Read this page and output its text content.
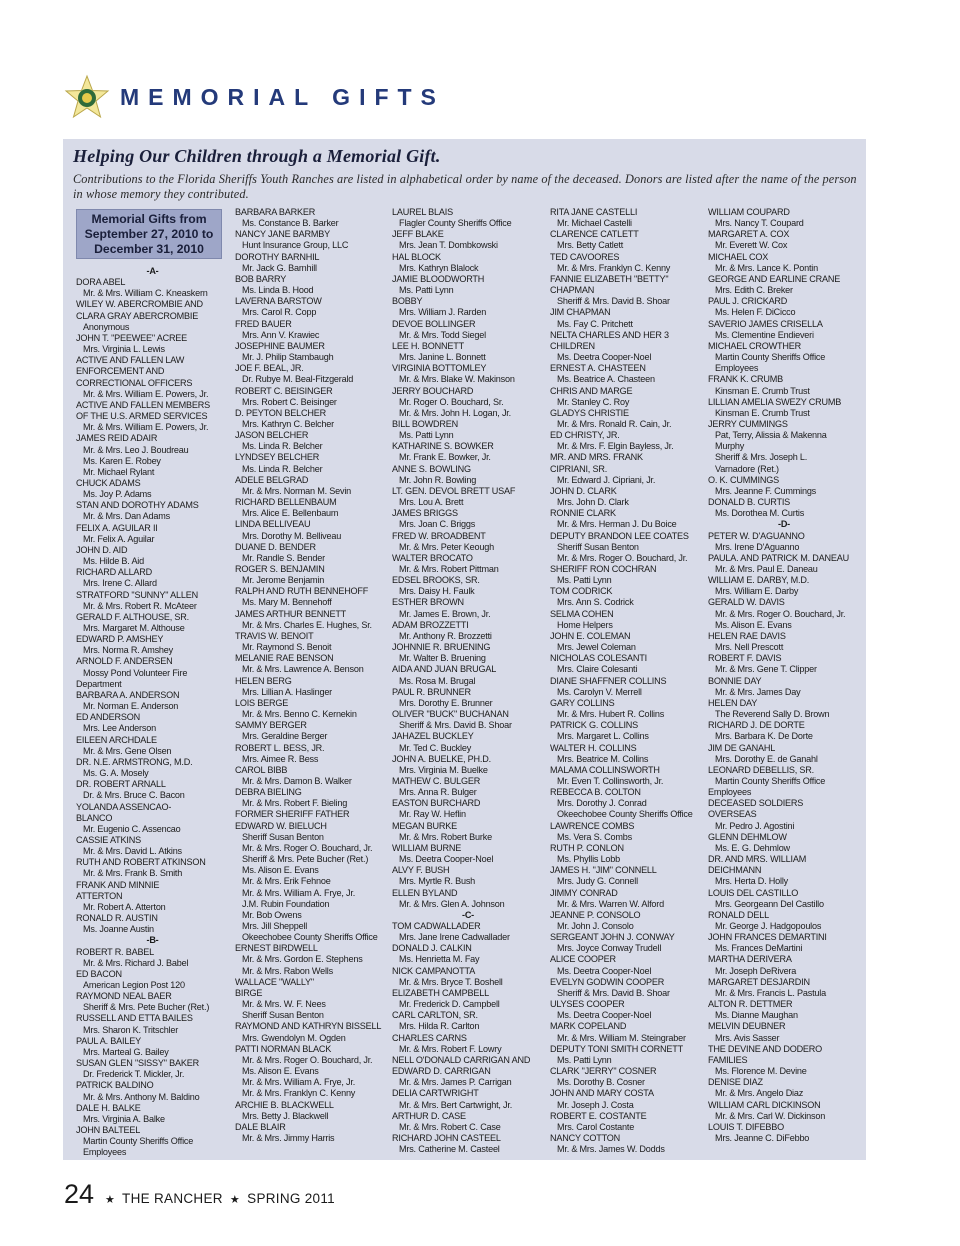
MEMORIAL GIFTS
Helping Our Children through a Memorial Gift.
Contributions to the Florida Sheriffs Youth Ranches are listed in alphabetical order by name of the deceased. Donors are listed after the name of the person in whose memory they contributed.
Memorial Gifts from
September 27, 2010 to
December 31, 2010
-A-
DORA ABEL
Mr. & Mrs. William C. Kneaskern
WILEY W. ABERCROMBIE AND
CLARA GRAY ABERCROMBIE
Anonymous
JOHN T. "PEEWEE" ACREE
Mrs. Virginia L. Lewis
ACTIVE AND FALLEN LAW
ENFORCEMENT AND
CORRECTIONAL OFFICERS
Mr. & Mrs. William E. Powers, Jr.
ACTIVE AND FALLEN MEMBERS
OF THE U.S. ARMED SERVICES
Mr. & Mrs. William E. Powers, Jr.
JAMES REID ADAIR
Mr. & Mrs. Leo J. Boudreau
Ms. Karen E. Robey
Mr. Michael Rylant
CHUCK ADAMS
Ms. Joy P. Adams
STAN AND DOROTHY ADAMS
Mr. & Mrs. Dan Adams
FELIX A. AGUILAR II
Mr. Felix A. Aguilar
JOHN D. AID
Ms. Hilde B. Aid
RICHARD ALLARD
Mrs. Irene C. Allard
STRATFORD "SUNNY" ALLEN
Mr. & Mrs. Robert R. McAteer
GERALD F. ALTHOUSE, SR.
Mrs. Margaret M. Althouse
EDWARD P. AMSHEY
Mrs. Norma R. Amshey
ARNOLD F. ANDERSEN
Mossy Pond Volunteer Fire
Department
BARBARA A. ANDERSON
Mr. Norman E. Anderson
ED ANDERSON
Mrs. Lee Anderson
EILEEN ARCHDALE
Mr. & Mrs. Gene Olsen
DR. N.E. ARMSTRONG, M.D.
Ms. G. A. Mosely
DR. ROBERT ARNALL
Dr. & Mrs. Bruce C. Bacon
YOLANDA ASSENCAO-
BLANCO
Mr. Eugenio C. Assencao
CASSIE ATKINS
Mr. & Mrs. David L. Atkins
RUTH AND ROBERT ATKINSON
Mr. & Mrs. Frank B. Smith
FRANK AND MINNIE
ATTERTON
Mr. Robert A. Atterton
RONALD R. AUSTIN
Ms. Joanne Austin
-B-
ROBERT R. BABEL
Mr. & Mrs. Richard J. Babel
ED BACON
American Legion Post 120
RAYMOND NEAL BAER
Sheriff & Mrs. Pete Bucher (Ret.)
RUSSELL AND ETTA BAILES
Mrs. Sharon K. Tritschler
PAUL A. BAILEY
Mrs. Marteal G. Bailey
SUSAN GLEN "SISSY" BAKER
Dr. Frederick T. Mickler, Jr.
PATRICK BALDINO
Mr. & Mrs. Anthony M. Baldino
DALE H. BALKE
Mrs. Virginia A. Balke
JOHN BALTEEL
Martin County Sheriffs Office
Employees
BARBARA BARKER
Ms. Constance B. Barker
NANCY JANE BARMBY
Hunt Insurance Group, LLC
DOROTHY BARNHIL
Mr. Jack G. Barnhill
BOB BARRY
Ms. Linda B. Hood
LAVERNA BARSTOW
Mrs. Carol R. Copp
FRED BAUER
Mrs. Ann V. Krawiec
JOSEPHINE BAUMER
Mr. J. Philip Stambaugh
JOE F. BEAL, JR.
Dr. Rubye M. Beal-Fitzgerald
ROBERT C. BEISINGER
Mrs. Robert C. Beisinger
D. PEYTON BELCHER
Mrs. Kathryn C. Belcher
JASON BELCHER
Ms. Linda R. Belcher
LYNDSEY BELCHER
Ms. Linda R. Belcher
ADELE BELGRAD
Mr. & Mrs. Norman M. Sevin
RICHARD BELLENBAUM
Mrs. Alice E. Bellenbaum
LINDA BELLIVEAU
Mrs. Dorothy M. Belliveau
DUANE D. BENDER
Mr. Randle S. Bender
ROGER S. BENJAMIN
Mr. Jerome Benjamin
RALPH AND RUTH BENNEHOFF
Ms. Mary M. Bennehoff
JAMES ARTHUR BENNETT
Mr. & Mrs. Charles E. Hughes, Sr.
TRAVIS W. BENOIT
Mr. Raymond S. Benoit
MELANIE RAE BENSON
Mr. & Mrs. Lawrence A. Benson
HELEN BERG
Mrs. Lillian A. Haslinger
LOIS BERGE
Mr. & Mrs. Benno C. Kernekin
SAMMY BERGER
Mrs. Geraldine Berger
ROBERT L. BESS, JR.
Mrs. Aimee R. Bess
CAROL BIBB
Mr. & Mrs. Damon B. Walker
DEBRA BIELING
Mr. & Mrs. Robert F. Bieling
FORMER SHERIFF FATHER
EDWARD W. BIELUCH
Sheriff Susan Benton
Mr. & Mrs. Roger O. Bouchard, Jr.
Sheriff & Mrs. Pete Bucher (Ret.)
Ms. Alison E. Evans
Mr. & Mrs. Erik Fehnoe
Mr. & Mrs. William A. Frye, Jr.
J.M. Rubin Foundation
Mr. Bob Owens
Mrs. Jill Sheppell
Okeechobee County Sheriffs Office
ERNEST BIRDWELL
Mr. & Mrs. Gordon E. Stephens
Mr. & Mrs. Rabon Wells
WALLACE "WALLY"
BIRGE
Mr. & Mrs. W. F. Nees
Sheriff Susan Benton
RAYMOND AND KATHRYN BISSELL
Mrs. Gwendolyn M. Ogden
PATTI NORMAN BLACK
Mr. & Mrs. Roger O. Bouchard, Jr.
Ms. Alison E. Evans
Mr. & Mrs. William A. Frye, Jr.
Mr. & Mrs. Franklyn C. Kenny
ARCHIE B. BLACKWELL
Mrs. Betty J. Blackwell
DALE BLAIR
Mr. & Mrs. Jimmy Harris
LAUREL BLAIS
Flagler County Sheriffs Office
JEFF BLAKE
Mrs. Jean T. Dombkowski
HAL BLOCK
Mrs. Kathryn Blalock
JAMIE BLOODWORTH
Ms. Patti Lynn
BOBBY
Mrs. William J. Rarden
DEVOE BOLLINGER
Mr. & Mrs. Todd Siegel
LEE H. BONNETT
Mrs. Janine L. Bonnett
VIRGINIA BOTTOMLEY
Mr. & Mrs. Blake W. Makinson
JERRY BOUCHARD
Mr. Roger O. Bouchard, Sr.
Mr. & Mrs. John H. Logan, Jr.
BILL BOWDREN
Ms. Patti Lynn
KATHARINE S. BOWKER
Mr. Frank E. Bowker, Jr.
ANNE S. BOWLING
Mr. John R. Bowling
LT. GEN. DEVOL BRETT USAF
Mrs. Lou A. Brett
JAMES BRIGGS
Mrs. Joan C. Briggs
FRED W. BROADBENT
Mr. & Mrs. Peter Keough
WALTER BROCATO
Mr. & Mrs. Robert Pittman
EDSEL BROOKS, SR.
Mrs. Daisy H. Faulk
ESTHER BROWN
Mr. James E. Brown, Jr.
ADAM BROZZETTI
Mr. Anthony R. Brozzetti
JOHNNIE R. BRUENING
Mr. Walter B. Bruening
AIDA AND JUAN BRUGAL
Ms. Rosa M. Brugal
PAUL R. BRUNNER
Mrs. Dorothy E. Brunner
OLIVER "BUCK" BUCHANAN
Sheriff & Mrs. David B. Shoar
JAHAZEL BUCKLEY
Mr. Ted C. Buckley
JOHN A. BUELKE, PH.D.
Mrs. Virginia M. Buelke
MATHEW C. BULGER
Mrs. Anna R. Bulger
EASTON BURCHARD
Mr. Ray W. Heflin
MEGAN BURKE
Mr. & Mrs. Robert Burke
WILLIAM BURNE
Ms. Deetra Cooper-Noel
ALVY F. BUSH
Mrs. Myrtle R. Bush
ELLEN BYLAND
Mr. & Mrs. Glen A. Johnson
-C-
TOM CADWALLADER
Mrs. Jane Irene Cadwallader
DONALD J. CALKIN
Ms. Henrietta M. Fay
NICK CAMPANOTTA
Mr. & Mrs. Bryce T. Boshell
ELIZABETH CAMPBELL
Mr. Frederick D. Campbell
CARL CARLTON, SR.
Mrs. Hilda R. Carlton
CHARLES CARNS
Mr. & Mrs. Robert F. Lowry
NELL O'DONALD CARRIGAN AND
EDWARD D. CARRIGAN
Mr. & Mrs. James P. Carrigan
DELIA CARTWRIGHT
Mr. & Mrs. Bert Cartwright, Jr.
ARTHUR D. CASE
Mr. & Mrs. Robert C. Case
RICHARD JOHN CASTEEL
Mrs. Catherine M. Casteel
RITA JANE CASTELLI
Mr. Michael Castelli
CLARENCE CATLETT
Mrs. Betty Catlett
TED CAVOORES
Mr. & Mrs. Franklyn C. Kenny
FANNIE ELIZABETH "BETTY"
CHAPMAN
Sheriff & Mrs. David B. Shoar
JIM CHAPMAN
Ms. Fay C. Pritchett
NELTA CHARLES AND HER 3
CHILDREN
Ms. Deetra Cooper-Noel
ERNEST A. CHASTEEN
Ms. Beatrice A. Chasteen
CHRIS AND MARGE
Mr. Stanley C. Roy
GLADYS CHRISTIE
Mr. & Mrs. Ronald R. Cain, Jr.
ED CHRISTY, JR.
Mr. & Mrs. F. Elgin Bayless, Jr.
MR. AND MRS. FRANK
CIPRIANI, SR.
Mr. Edward J. Cipriani, Jr.
JOHN D. CLARK
Mrs. John D. Clark
RONNIE CLARK
Mr. & Mrs. Herman J. Du Boice
DEPUTY BRANDON LEE COATES
Sheriff Susan Benton
Mr. & Mrs. Roger O. Bouchard, Jr.
SHERIFF RON COCHRAN
Ms. Patti Lynn
TOM CODRICK
Mrs. Ann S. Codrick
SELMA COHEN
Home Helpers
JOHN E. COLEMAN
Mrs. Jewel Coleman
NICHOLAS COLESANTI
Mrs. Claire Colesanti
DIANE SHAFFNER COLLINS
Ms. Carolyn V. Merrell
GARY COLLINS
Mr. & Mrs. Hubert R. Collins
PATRICK G. COLLINS
Mrs. Margaret L. Collins
WALTER H. COLLINS
Mrs. Beatrice M. Collins
MALAMA COLLINSWORTH
Mr. Even T. Collinsworth, Jr.
REBECCA B. COLTON
Mrs. Dorothy J. Conrad
Okeechobee County Sheriffs Office
LAWRENCE COMBS
Ms. Vera S. Combs
RUTH P. CONLON
Ms. Phyllis Lobb
JAMES H. "JIM" CONNELL
Mrs. Judy G. Connell
JIMMY CONRAD
Mr. & Mrs. Warren W. Alford
JEANNE P. CONSOLO
Mr. John J. Consolo
SERGEANT JOHN J. CONWAY
Mrs. Joyce Conway Trudell
ALICE COOPER
Ms. Deetra Cooper-Noel
EVELYN GODWIN COOPER
Sheriff & Mrs. David B. Shoar
ULYSES COOPER
Ms. Deetra Cooper-Noel
MARK COPELAND
Mr. & Mrs. William M. Steingraber
DEPUTY TONI SMITH CORNETT
Ms. Patti Lynn
CLARK "JERRY" COSNER
Ms. Dorothy B. Cosner
JOHN AND MARY COSTA
Mr. Joseph J. Costa
ROBERT E. COSTANTE
Mrs. Carol Costante
NANCY COTTON
Mr. & Mrs. James W. Dodds
WILLIAM COUPARD
Mrs. Nancy T. Coupard
MARGARET A. COX
Mr. Everett W. Cox
MICHAEL COX
Mr. & Mrs. Lance K. Pontin
GEORGE AND EARLINE CRANE
Mrs. Edith C. Breker
PAUL J. CRICKARD
Ms. Helen F. DiCicco
SAVERIO JAMES CRISELLA
Ms. Clementine Endieveri
MICHAEL CROWTHER
Martin County Sheriffs Office
Employees
FRANK K. CRUMB
Kinsman E. Crumb Trust
LILLIAN AMELIA SWEZY CRUMB
Kinsman E. Crumb Trust
JERRY CUMMINGS
Pat, Terry, Alissia & Makenna
Murphy
Sheriff & Mrs. Joseph L.
Varnadore (Ret.)
O. K. CUMMINGS
Mrs. Jeanne F. Cummings
DONALD B. CURTIS
Ms. Dorothea M. Curtis
-D-
PETER W. D'AGUANNO
Mrs. Irene D'Aguanno
PAULA. AND PATRICK M. DANEAU
Mr. & Mrs. Paul E. Daneau
WILLIAM E. DARBY, M.D.
Mrs. William E. Darby
GERALD W. DAVIS
Mr. & Mrs. Roger O. Bouchard, Jr.
Ms. Alison E. Evans
HELEN RAE DAVIS
Mrs. Nell Prescott
ROBERT F. DAVIS
Mr. & Mrs. Gene T. Clipper
BONNIE DAY
Mr. & Mrs. James Day
HELEN DAY
The Reverend Sally D. Brown
RICHARD J. DE DORTE
Mrs. Barbara K. De Dorte
JIM DE GANAHL
Mrs. Dorothy E. de Ganahl
LEONARD DEBELLIS, SR.
Martin County Sheriffs Office
Employees
DECEASED SOLDIERS
OVERSEAS
Mr. Pedro J. Agostini
GLENN DEHMLOW
Ms. E. G. Dehmlow
DR. AND MRS. WILLIAM
DEICHMANN
Mrs. Herta D. Holly
LOUIS DEL CASTILLO
Mrs. Georgeann Del Castillo
RONALD DELL
Mr. George J. Hadgopoulos
JOHN FRANCES DEMARTINI
Ms. Frances DeMartini
MARTHA DERIVERA
Mr. Joseph DeRivera
MARGARET DESJARDIN
Mr. & Mrs. Francis L. Pastula
ALTON R. DETTMER
Ms. Dianne Maughan
MELVIN DEUBNER
Mrs. Avis Sasser
THE DEVINE AND DODERO
FAMILIES
Ms. Florence M. Devine
DENISE DIAZ
Mr. & Mrs. Angelo Diaz
WILLIAM CARL DICKINSON
Mr. & Mrs. Carl W. Dickinson
LOUIS T. DIFEBBO
Mrs. Jeanne C. DiFebbo
24 ★ THE RANCHER ★ SPRING 2011
